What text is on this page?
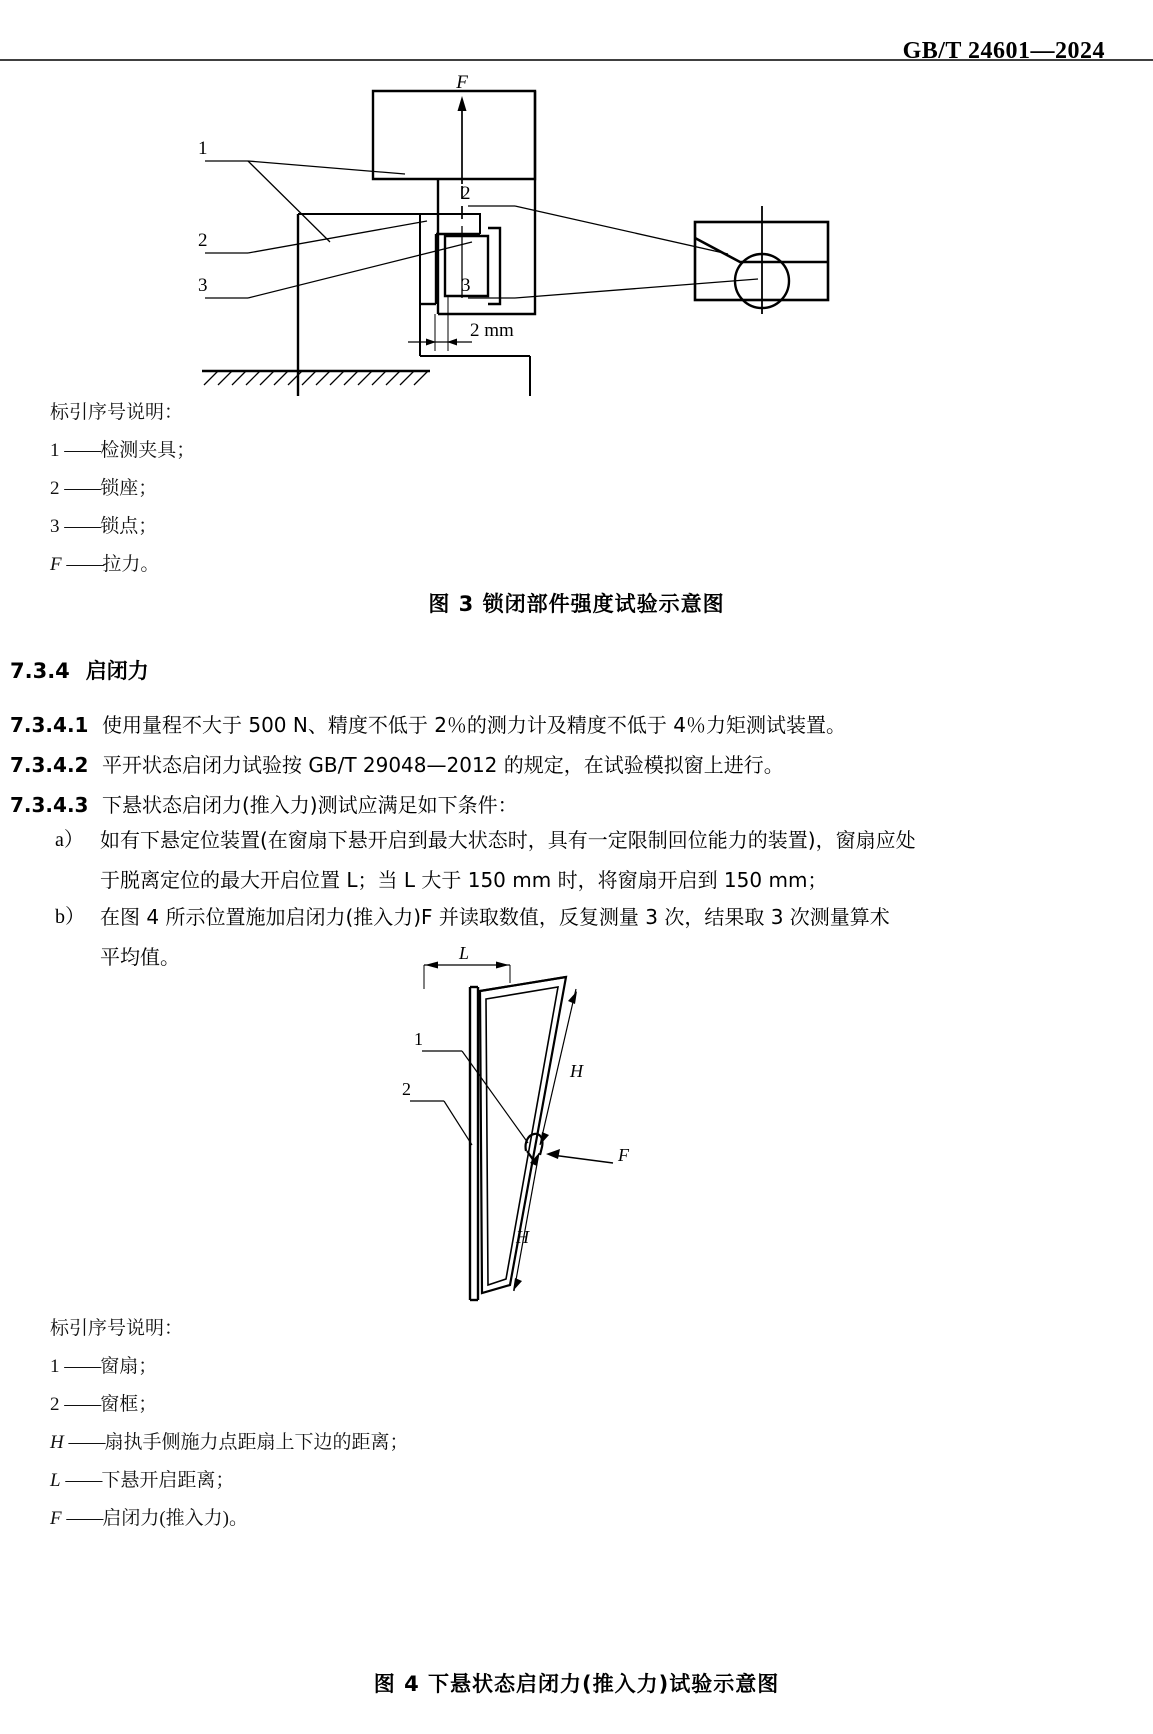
GB/T 24601—2024
F
2 mm
1
2
3
2
3
标引序号说明：
1 ——检测夹具；
2 ——锁座；
3 ——锁点；
F ——拉力。
图 3 锁闭部件强度试验示意图
7.3.4 启闭力
7.3.4.1 使用量程不大于 500 N、精度不低于 2％的测力计及精度不低于 4％力矩测试装置。
7.3.4.2 平开状态启闭力试验按 GB/T 29048—2012 的规定，在试验模拟窗上进行。
7.3.4.3 下悬状态启闭力(推入力)测试应满足如下条件：
a） 如有下悬定位装置(在窗扇下悬开启到最大状态时，具有一定限制回位能力的装置)，窗扇应处
于脱离定位的最大开启位置 L；当 L 大于 150 mm 时，将窗扇开启到 150 mm；
b） 在图 4 所示位置施加启闭力(推入力)F 并读取数值，反复测量 3 次，结果取 3 次测量算术
平均值。
F
L
H
H
1
2
标引序号说明：
1 ——窗扇；
2 ——窗框；
H ——扇执手侧施力点距扇上下边的距离；
L ——下悬开启距离；
F ——启闭力(推入力)。
图 4 下悬状态启闭力(推入力)试验示意图
